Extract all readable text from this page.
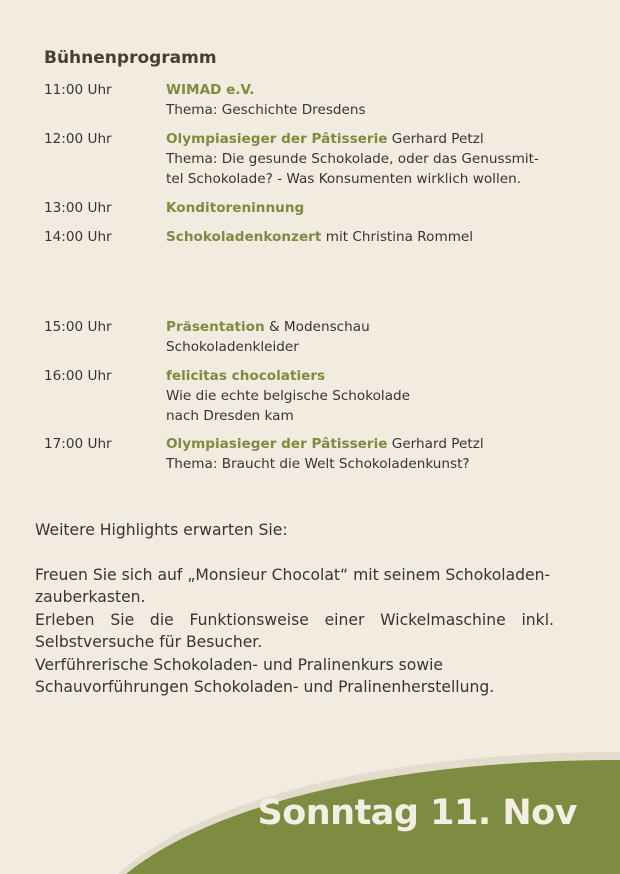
Bühnenprogramm
11:00 Uhr	WIMAD e.V.
Thema: Geschichte Dresdens
12:00 Uhr	Olympiasieger der Pâtisserie Gerhard Petzl
Thema: Die gesunde Schokolade, oder das Genussmit-
tel Schokolade? - Was Konsumenten wirklich wollen.
13:00 Uhr	Konditoreninnung
14:00 Uhr	Schokoladenkonzert mit Christina Rommel
15:00 Uhr	Präsentation & Modenschau
Schokoladenkleider
16:00 Uhr	felicitas chocolatiers
Wie die echte belgische Schokolade
nach Dresden kam
17:00 Uhr	Olympiasieger der Pâtisserie Gerhard Petzl
Thema: Braucht die Welt Schokoladenkunst?

Weitere Highlights erwarten Sie:

Freuen Sie sich auf „Monsieur Chocolat“ mit seinem Schokoladen-zauberkasten.

Erleben Sie die Funktionsweise einer Wickelmaschine inkl. Selbstversuche für Besucher.

Verführerische Schokoladen- und Pralinenkurs sowie Schauvorführungen Schokoladen- und Pralinenherstellung.

Sonntag 11. Nov
